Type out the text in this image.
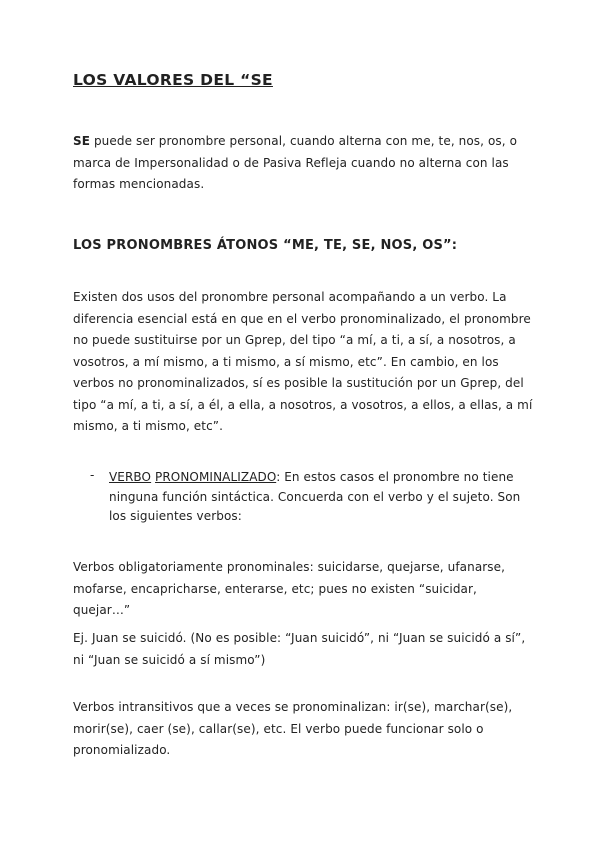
LOS VALORES DEL “SE

SE puede ser pronombre personal, cuando alterna con me, te, nos, os, o marca de Impersonalidad o de Pasiva Refleja cuando no alterna con las formas mencionadas.

LOS PRONOMBRES ÁTONOS “ME, TE, SE, NOS, OS”:

Existen dos usos del pronombre personal acompañando a un verbo. La diferencia esencial está en que en el verbo pronominalizado, el pronombre no puede sustituirse por un Gprep, del tipo “a mí, a ti, a sí, a nosotros, a vosotros, a mí mismo, a ti mismo, a sí mismo, etc”. En cambio, en los verbos no pronominalizados, sí es posible la sustitución por un Gprep, del tipo “a mí, a ti, a sí, a él, a ella, a nosotros, a vosotros, a ellos, a ellas, a mí mismo, a ti mismo, etc”.

- VERBO PRONOMINALIZADO: En estos casos el pronombre no tiene ninguna función sintáctica. Concuerda con el verbo y el sujeto. Son los siguientes verbos:

Verbos obligatoriamente pronominales: suicidarse, quejarse, ufanarse, mofarse, encapricharse, enterarse, etc; pues no existen “suicidar, quejar…”

Ej. Juan se suicidó. (No es posible: “Juan suicidó”, ni “Juan se suicidó a sí”, ni “Juan se suicidó a sí mismo”)

Verbos intransitivos que a veces se pronominalizan: ir(se), marchar(se), morir(se), caer (se), callar(se), etc. El verbo puede funcionar solo o pronomializado.
